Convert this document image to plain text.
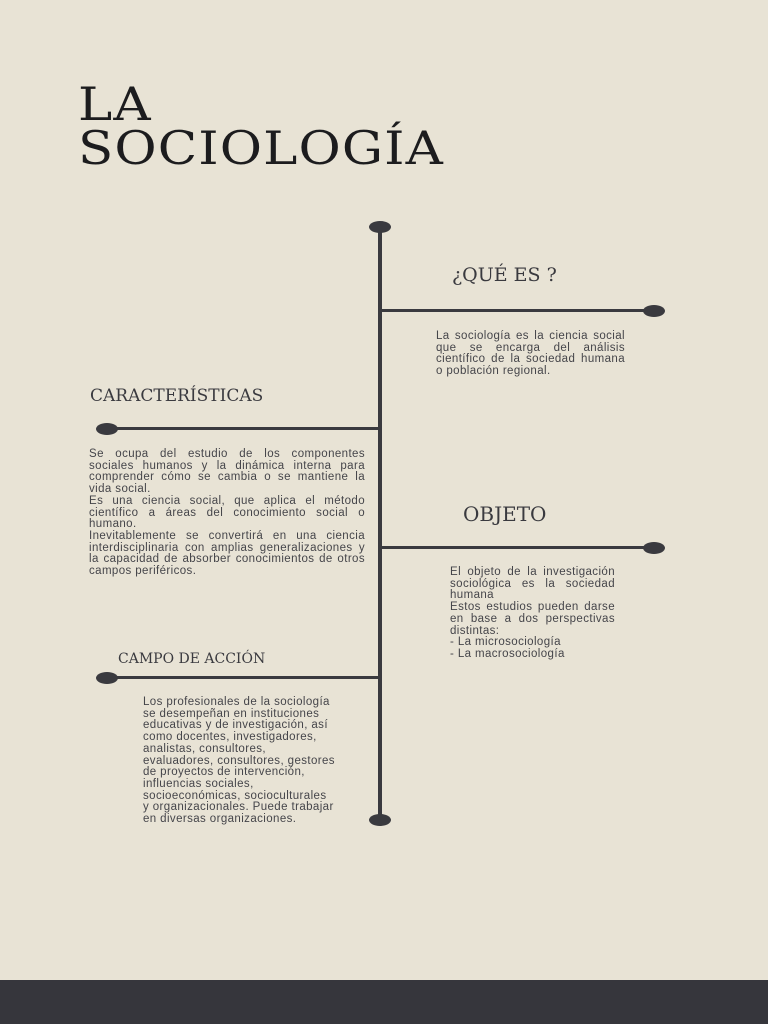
LA
SOCIOLOGÍA
¿QUÉ ES ?

La sociología es la ciencia social que se encarga del análisis científico de la sociedad humana o población regional.

CARACTERÍSTICAS

Se ocupa del estudio de los componentes sociales humanos y la dinámica interna para comprender cómo se cambia o se mantiene la vida social.
Es una ciencia social, que aplica el método científico a áreas del conocimiento social o humano.
Inevitablemente se convertirá en una ciencia interdisciplinaria con amplias generalizaciones y la capacidad de absorber conocimientos de otros campos periféricos.

OBJETO

El objeto de la investigación sociológica es la sociedad humana
Estos estudios pueden darse en base a dos perspectivas distintas:
- La microsociología
- La macrosociología

CAMPO DE ACCIÓN

Los profesionales de la sociología se desempeñan en instituciones educativas y de investigación, así como docentes, investigadores, analistas, consultores, evaluadores, consultores, gestores de proyectos de intervención, influencias sociales, socioeconómicas, socioculturales y organizacionales. Puede trabajar en diversas organizaciones.
